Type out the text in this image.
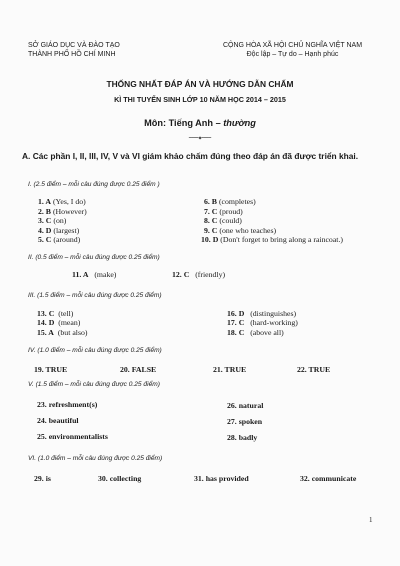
SỞ GIÁO DỤC VÀ ĐÀO TẠO
THÀNH PHỐ HỒ CHÍ MINH
CỘNG HÒA XÃ HỘI CHỦ NGHĨA VIỆT NAM
Độc lập – Tự do – Hạnh phúc
THỐNG NHẤT ĐÁP ÁN VÀ HƯỚNG DẪN CHẤM
KÌ THI TUYỂN SINH LỚP 10 NĂM HỌC 2014 – 2015
Môn: Tiếng Anh – thường
━━━━◆━━━━
A. Các phần I, II, III, IV, V và VI giám khảo chấm đúng theo đáp án đã được triển khai.
I. (2.5 điểm – mỗi câu đúng được 0.25 điểm )
1. A (Yes, I do)
2. B (However)
3. C (on)
4. D (largest)
5. C (around)
6. B (completes)
7. C (proud)
8. C (could)
9. C (one who teaches)
10. D (Don't forget to bring along a raincoat.)
II. (0.5 điểm – mỗi câu đúng được 0.25 điểm)
11. A (make)	12. C (friendly)
III. (1.5 điểm – mỗi câu đúng được 0.25 điểm)
13. C (tell)
14. D (mean)
15. A (but also)
16. D (distinguishes)
17. C (hard-working)
18. C (above all)
IV. (1.0 điểm – mỗi câu đúng được 0.25 điểm)
19. TRUE	20. FALSE	21. TRUE	22. TRUE
V. (1.5 điểm – mỗi câu đúng được 0.25 điểm)
23. refreshment(s)
24. beautiful
25. environmentalists
26. natural
27. spoken
28. badly
VI. (1.0 điểm – mỗi câu đúng được 0.25 điểm)
29. is	30. collecting	31. has provided	32. communicate
1
